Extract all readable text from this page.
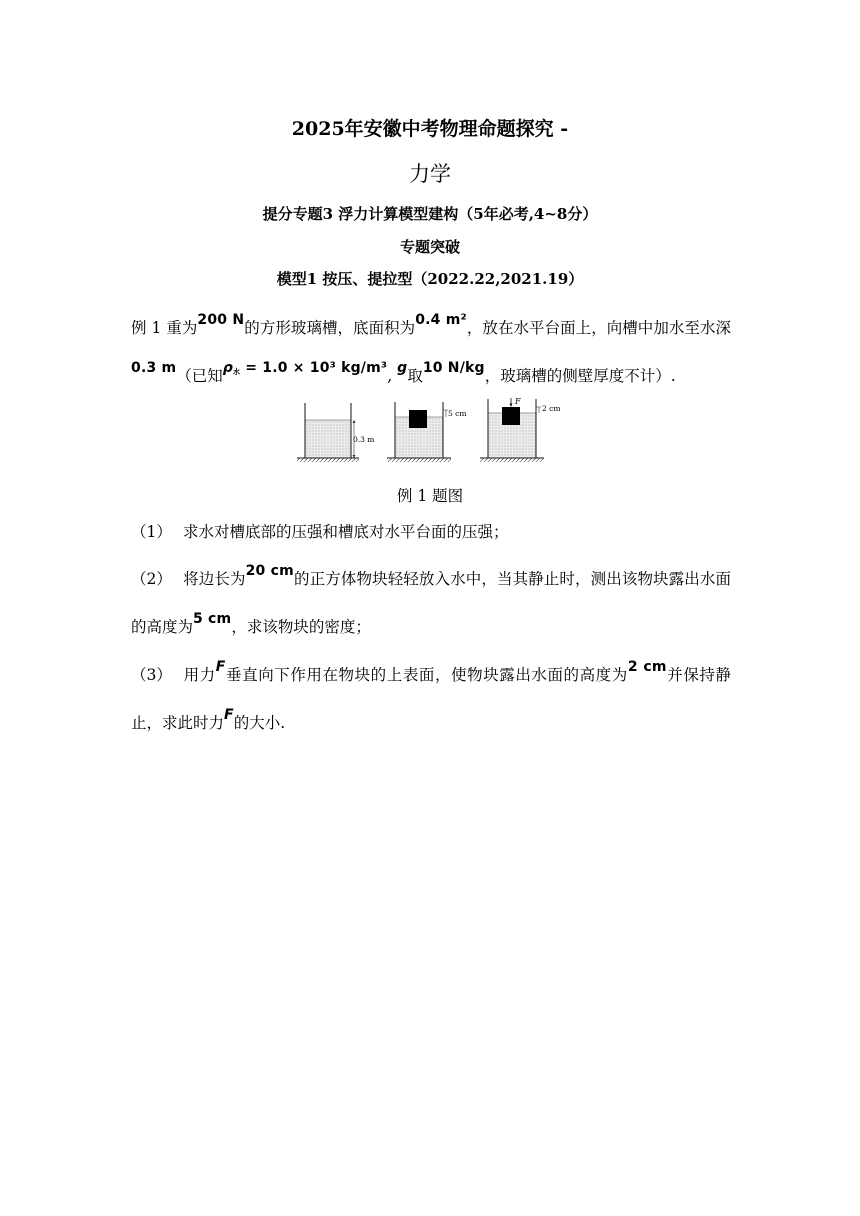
2025年安徽中考物理命题探究 -
力学
提分专题3 浮力计算模型建构（5年必考,4~8分）
专题突破
模型1 按压、提拉型（2022.22,2021.19）
例 1 重为200 N的方形玻璃槽，底面积为0.4 m²，放在水平台面上，向槽中加水至水深0.3 m（已知ρ水 = 1.0 × 10³ kg/m³, g取10 N/kg，玻璃槽的侧壁厚度不计）.
0.3 m
5 cm
F
2 cm
例 1 题图
（1） 求水对槽底部的压强和槽底对水平台面的压强；
（2） 将边长为20 cm的正方体物块轻轻放入水中，当其静止时，测出该物块露出水面的高度为5 cm，求该物块的密度；
（3） 用力F垂直向下作用在物块的上表面，使物块露出水面的高度为2 cm并保持静止，求此时力F的大小.
